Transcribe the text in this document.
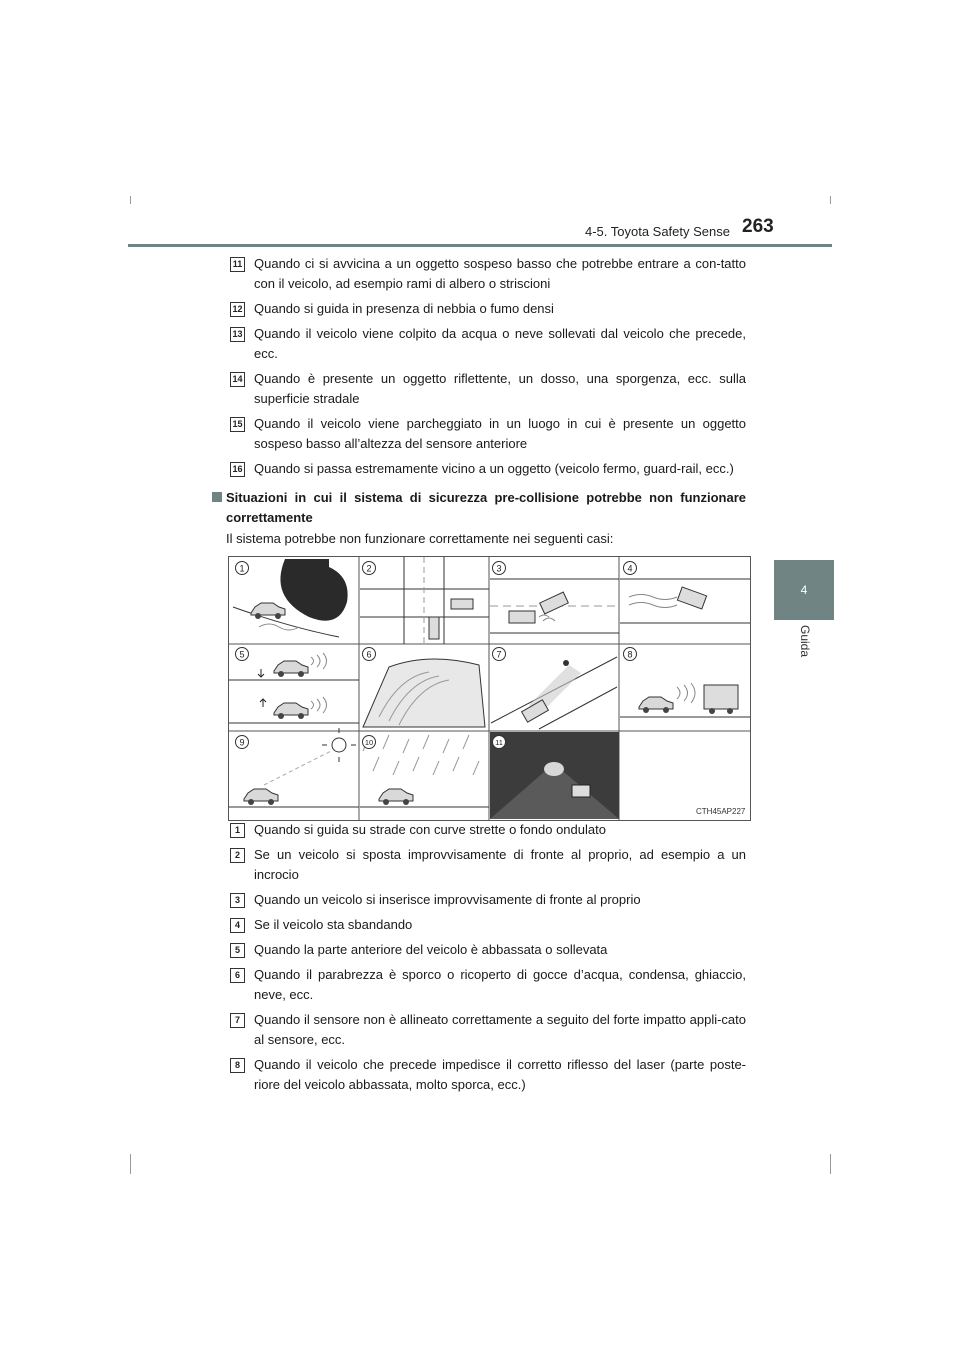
4-5. Toyota Safety Sense 263
4
Guida
11 Quando ci si avvicina a un oggetto sospeso basso che potrebbe entrare a con-tatto con il veicolo, ad esempio rami di albero o striscioni
12 Quando si guida in presenza di nebbia o fumo densi
13 Quando il veicolo viene colpito da acqua o neve sollevati dal veicolo che precede, ecc.
14 Quando è presente un oggetto riflettente, un dosso, una sporgenza, ecc. sulla superficie stradale
15 Quando il veicolo viene parcheggiato in un luogo in cui è presente un oggetto sospeso basso all’altezza del sensore anteriore
16 Quando si passa estremamente vicino a un oggetto (veicolo fermo, guard-rail, ecc.)
Situazioni in cui il sistema di sicurezza pre-collisione potrebbe non funzionare correttamente
Il sistema potrebbe non funzionare correttamente nei seguenti casi:
1	2	3	4
5	6	7	8
9	10	11
CTH45AP227
1	Quando si guida su strade con curve strette o fondo ondulato
2	Se un veicolo si sposta improvvisamente di fronte al proprio, ad esempio a un incrocio
3	Quando un veicolo si inserisce improvvisamente di fronte al proprio
4	Se il veicolo sta sbandando
5	Quando la parte anteriore del veicolo è abbassata o sollevata
6	Quando il parabrezza è sporco o ricoperto di gocce d’acqua, condensa, ghiaccio, neve, ecc.
7	Quando il sensore non è allineato correttamente a seguito del forte impatto appli-cato al sensore, ecc.
8	Quando il veicolo che precede impedisce il corretto riflesso del laser (parte poste-riore del veicolo abbassata, molto sporca, ecc.)
